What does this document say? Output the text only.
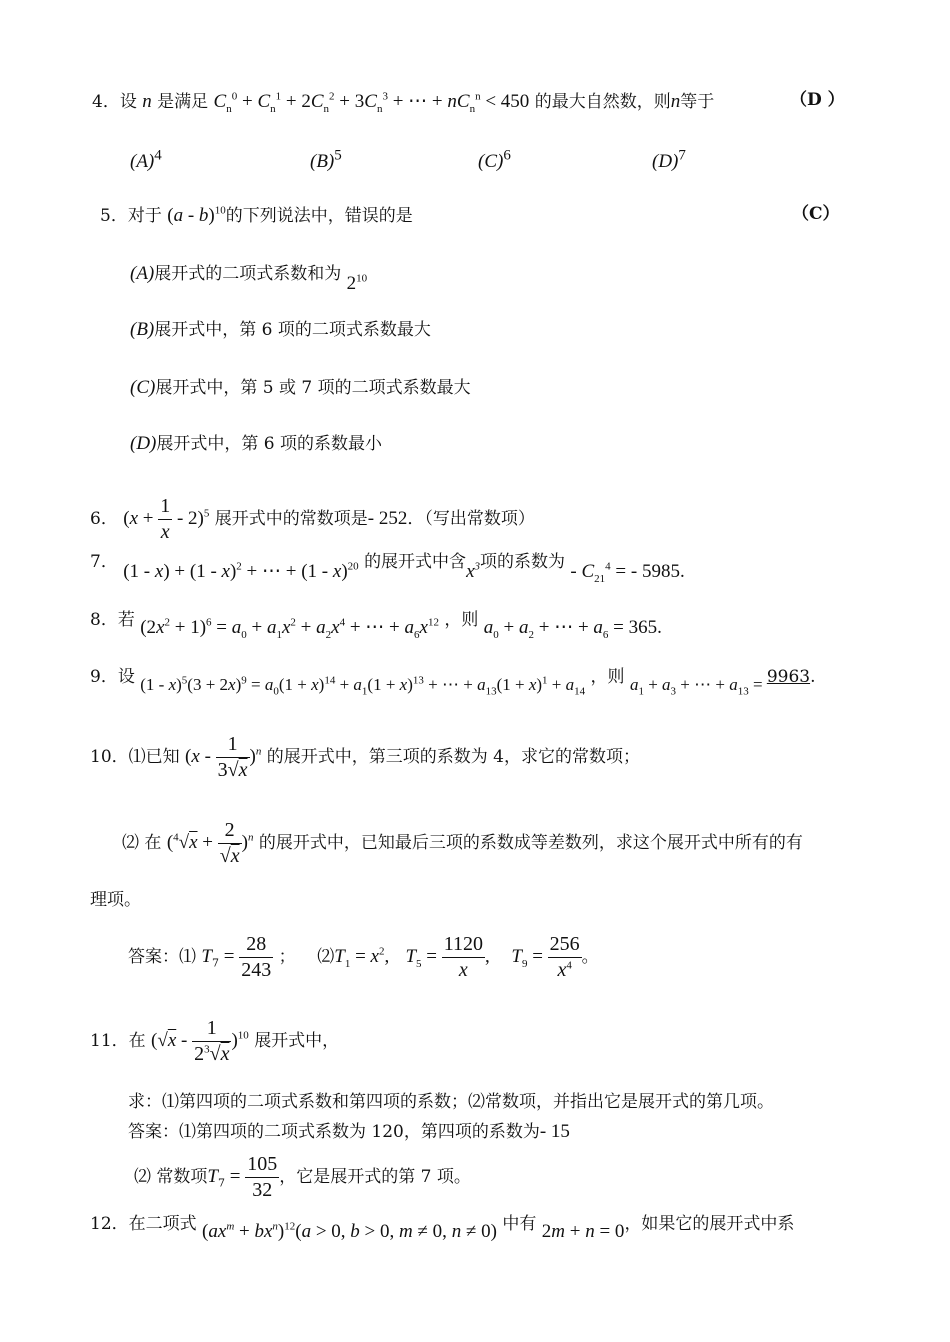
4．设 n 是满足 $C_n^0 + C_n^1 + 2C_n^2 + 3C_n^3$ + ⋯ + $nC_n^n < 450$ 的最大自然数，则n等于	（D ）
$(A)^4$	$(B)^5$	$(C)^6$	$(D)^7$
5．对于 (a - b)$^{10}$的下列说法中，错误的是	（C）
(A)展开式的二项式系数和为 $2^{10}$
(B)展开式中，第 6 项的二项式系数最大
(C)展开式中，第 5 或 7 项的二项式系数最大
(D)展开式中，第 6 项的系数最小
6． $(x + \frac{1}{x} - 2)^5$ 展开式中的常数项是- 252．（写出常数项）
7． (1 - x) + (1 - x)$^2$ + ⋯ + (1 - x)$^{20}$ 的展开式中含$x^3$项的系数为 - $C_{21}^4$ = - 5985.
8．若 $(2x^2 + 1)^6 = a_0 + a_1x^2 + a_2x^4$ + ⋯ + $a_6x^{12}$ ，则 $a_0 + a_2$ + ⋯ + $a_6 = 365$.
9．设 $(1 - x)^5(3 + 2x)^9 = a_0(1 + x)^{14} + a_1(1 + x)^{13}$ + ⋯ + $a_{13}(1 + x)^1 + a_{14}$ ，则 $a_1 + a_3$ + ⋯ + $a_{13} = 9963$.
10．⑴已知 $(x - \frac{1}{3√x} )^n$ 的展开式中，第三项的系数为 4，求它的常数项；
⑵ 在 $(^4√x + \frac{2}{√x} )^n$ 的展开式中，已知最后三项的系数成等差数列，求这个展开式中所有的有
理项。
答案：⑴ $T_7 = \frac{28}{243}$ ； $⑵T_1 = x^2$, $T_5 = \frac{1120}{x}$ , $T_9 = \frac{256}{x^4}$ 。
11．在 $(√x - \frac{1}{2^3√x} )^{10}$ 展开式中，
求：⑴第四项的二项式系数和第四项的系数；⑵常数项，并指出它是展开式的第几项。
答案：⑴第四项的二项式系数为 120，第四项的系数为- 15
⑵ 常数项$T_7 = \frac{105}{32}$ ，它是展开式的第 7 项。
12．在二项式 $(ax^m + bx^n)^{12}(a > 0$, b > 0, m ≠ 0, n ≠ 0) 中有 2m + n = 0，如果它的展开式中系
